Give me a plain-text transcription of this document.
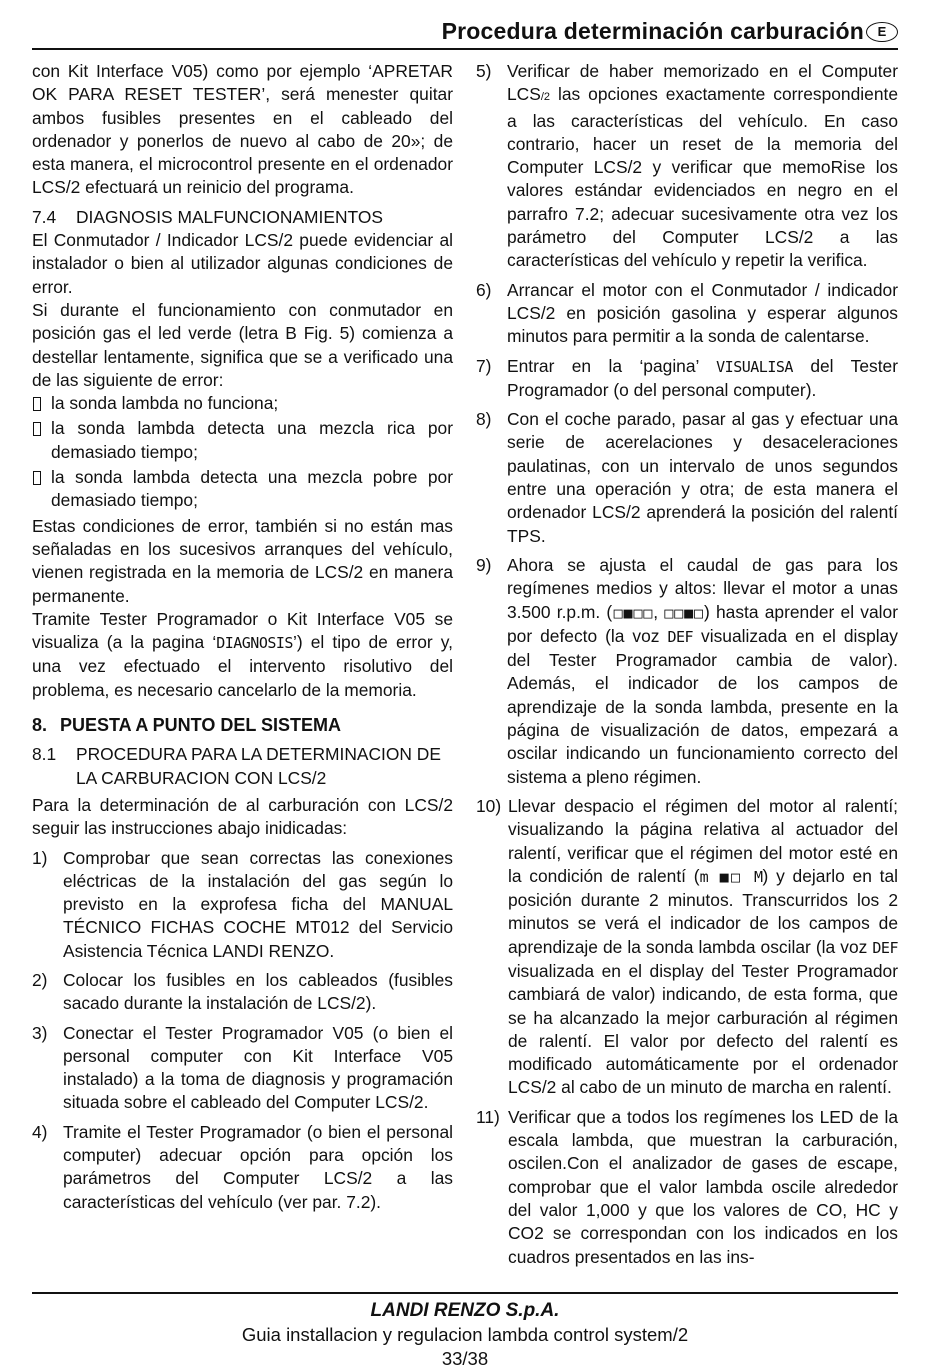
Procedura determinación carburación	E

con Kit Interface V05) como por ejemplo ‘APRETAR OK PARA RESET TESTER’, será menester quitar ambos fusibles presentes en el cableado del ordenador y ponerlos de nuevo al cabo de 20»; de esta manera, el microcontrol presente en el ordenador LCS/2 efectuará un reinicio del programa.

7.4 DIAGNOSIS MALFUNCIONAMIENTOS

El Conmutador / Indicador LCS/2 puede evidenciar al instalador o bien al utilizador algunas condiciones de error.

Si durante el funcionamiento con conmutador en posición gas el led verde (letra B Fig. 5) comienza a destellar lentamente, significa que se a verificado una de las siguiente de error:

la sonda lambda no funciona;
la sonda lambda detecta una mezcla rica por demasiado tiempo;
la sonda lambda detecta una mezcla pobre por demasiado tiempo;

Estas condiciones de error, también si no están mas señaladas en los sucesivos arranques del vehículo, vienen registrada en la memoria de LCS/2 en manera permanente.

Tramite Tester Programador o Kit Interface V05 se visualiza (a la pagina ‘DIAGNOSIS’) el tipo de error y, una vez efectuado el intervento risolutivo del problema, es necesario cancelarlo de la memoria.

8. PUESTA A PUNTO DEL SISTEMA
8.1 PROCEDURA PARA LA DETERMINACION DE LA CARBURACION CON LCS/2

Para la determinación de al carburación con LCS/2 seguir las instrucciones abajo inidicadas:

1) Comprobar que sean correctas las conexiones eléctricas de la instalación del gas según lo previsto en la exprofesa ficha del MANUAL TÉCNICO FICHAS COCHE MT012 del Servicio Asistencia Técnica LANDI RENZO.
2) Colocar los fusibles en los cableados (fusibles sacado durante la instalación de LCS/2).
3) Conectar el Tester Programador V05 (o bien el personal computer con Kit Interface V05 instalado) a la toma de diagnosis y programación situada sobre el cableado del Computer LCS/2.
4) Tramite el Tester Programador (o bien el personal computer) adecuar opción para opción los parámetros del Computer LCS/2 a las características del vehículo (ver par. 7.2).
5) Verificar de haber memorizado en el Computer LCS/2 las opciones exactamente correspondiente a las características del vehículo. En caso contrario, hacer un reset de la memoria del Computer LCS/2 y verificar que memoRise los valores estándar evidenciados en negro en el parrafro 7.2; adecuar sucesivamente otra vez los parámetro del Computer LCS/2 a las características del vehículo y repetir la verifica.
6) Arrancar el motor con el Conmutador / indicador LCS/2 en posición gasolina y esperar algunos minutos para permitir a la sonda de calentarse.
7) Entrar en la ‘pagina’ VISUALISA del Tester Programador (o del personal computer).
8) Con el coche parado, pasar al gas y efectuar una serie de acerelaciones y desaceleraciones paulatinas, con un intervalo de unos segundos entre una operación y otra; de esta manera el ordenador LCS/2 aprenderá la posición del ralentí TPS.
9) Ahora se ajusta el caudal de gas para los regímenes medios y altos: llevar el motor a unas 3.500 r.p.m. (□■□□, □□■□) hasta aprender el valor por defecto (la voz DEF visualizada en el display del Tester Programador cambia de valor). Además, el indicador de los campos de aprendizaje de la sonda lambda, presente en la página de visualización de datos, empezará a oscilar indicando un funcionamiento correcto del sistema a pleno régimen.
10) Llevar despacio el régimen del motor al ralentí; visualizando la página relativa al actuador del ralentí, verificar que el régimen del motor esté en la condición de ralentí (m ■□ M) y dejarlo en tal posición durante 2 minutos. Transcurridos los 2 minutos se verá el indicador de los campos de aprendizaje de la sonda lambda oscilar (la voz DEF visualizada en el display del Tester Programador cambiará de valor) indicando, de esta forma, que se ha alcanzado la mejor carburación al régimen de ralentí. El valor por defecto del ralentí es modificado automáticamente por el ordenador LCS/2 al cabo de un minuto de marcha en ralentí.
11) Verificar que a todos los regímenes los LED de la escala lambda, que muestran la carburación, oscilen.Con el analizador de gases de escape, comprobar que el valor lambda oscile alrededor del valor 1,000 y que los valores de CO, HC y CO2 se correspondan con los indicados en los cuadros presentados en las ins-
LANDI RENZO S.p.A.
Guia installacion y regulacion lambda control system/2
33/38
